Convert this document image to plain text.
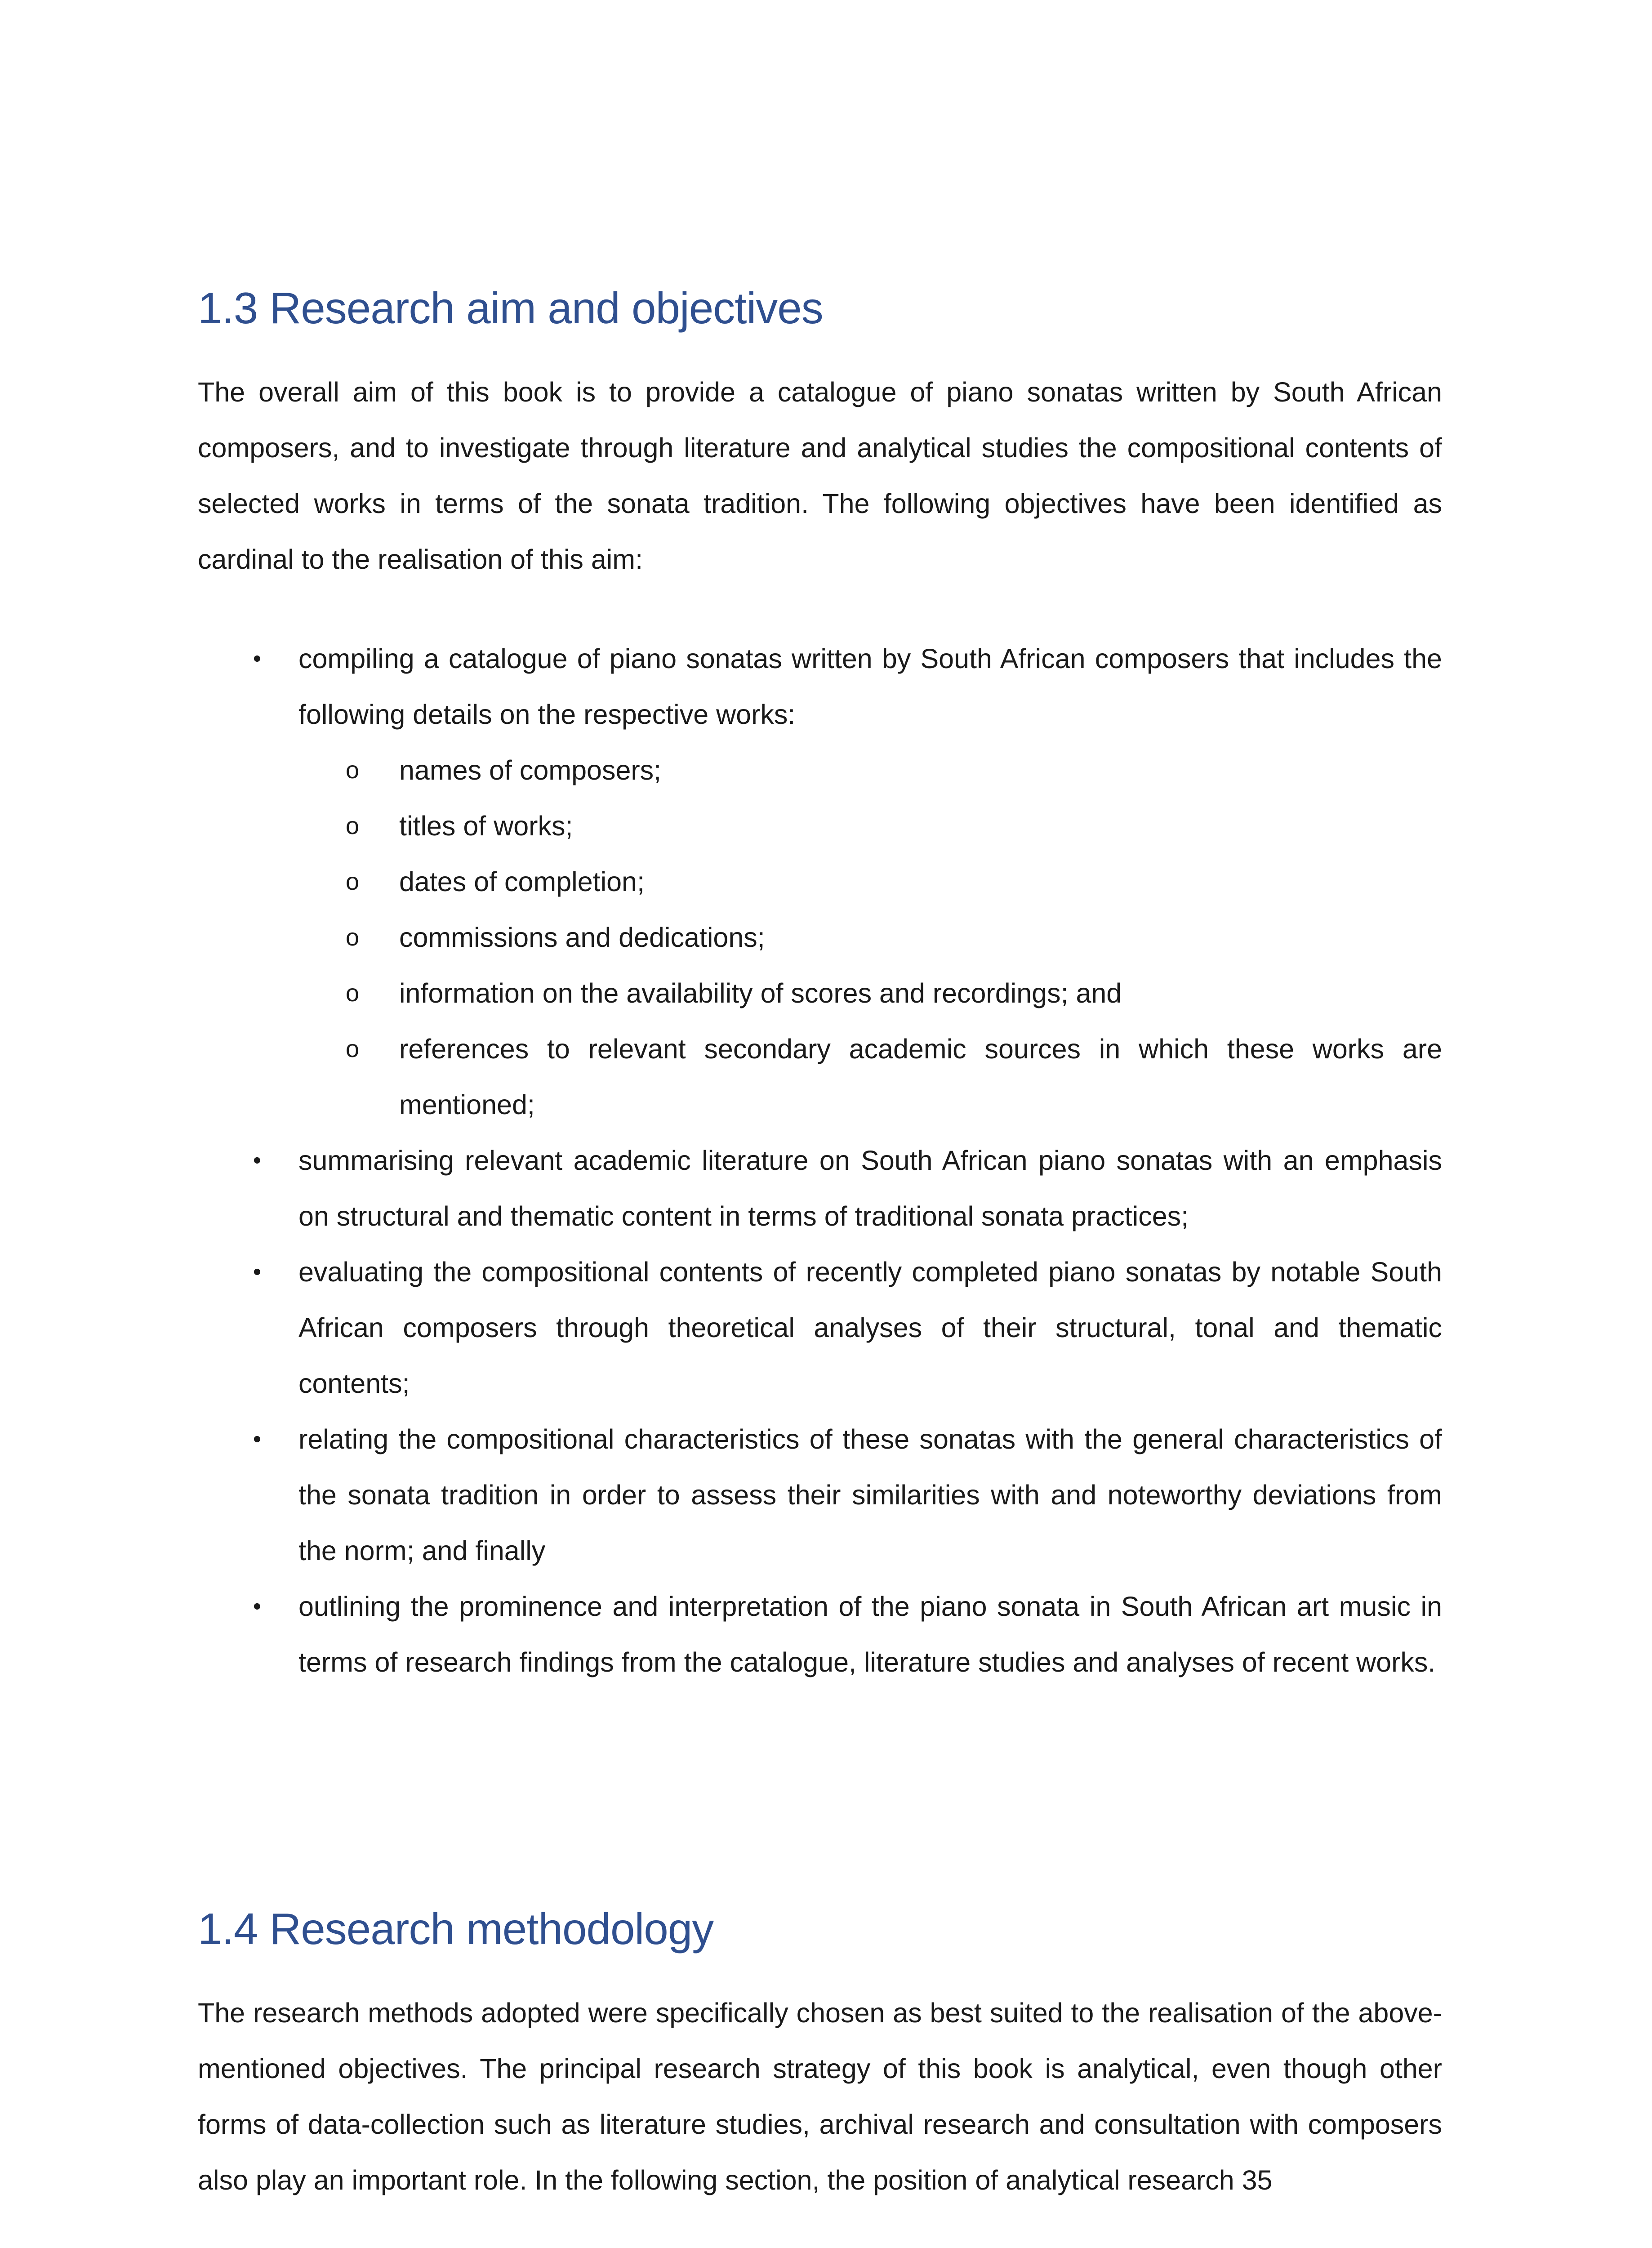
1.3 Research aim and objectives

The overall aim of this book is to provide a catalogue of piano sonatas written by South African composers, and to investigate through literature and analytical studies the compositional contents of selected works in terms of the sonata tradition. The following objectives have been identified as cardinal to the realisation of this aim:

• compiling a catalogue of piano sonatas written by South African composers that includes the following details on the respective works:
o names of composers;
o titles of works;
o dates of completion;
o commissions and dedications;
o information on the availability of scores and recordings; and
o references to relevant secondary academic sources in which these works are mentioned;
• summarising relevant academic literature on South African piano sonatas with an emphasis on structural and thematic content in terms of traditional sonata practices;
• evaluating the compositional contents of recently completed piano sonatas by notable South African composers through theoretical analyses of their structural, tonal and thematic contents;
• relating the compositional characteristics of these sonatas with the general characteristics of the sonata tradition in order to assess their similarities with and noteworthy deviations from the norm; and finally
• outlining the prominence and interpretation of the piano sonata in South African art music in terms of research findings from the catalogue, literature studies and analyses of recent works.
1.4 Research methodology

The research methods adopted were specifically chosen as best suited to the realisation of the above-mentioned objectives. The principal research strategy of this book is analytical, even though other forms of data-collection such as literature studies, archival research and consultation with composers also play an important role. In the following section, the position of analytical research 35
